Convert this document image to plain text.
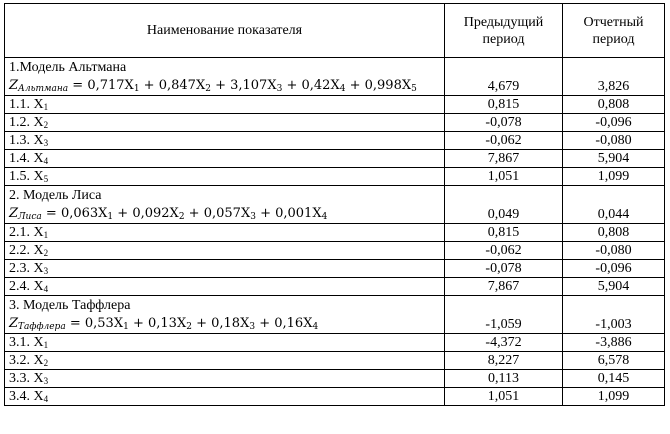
Наименование показателя	Предыдущий период	Отчетный период

1.Модель Альтмана
$Z_{Альтмана} = 0,717X_1 + 0,847X_2 + 3,107X_3 + 0,42X_4 + 0,998X_5$	4,679	3,826
1.1. $X_1$	0,815	0,808
1.2. $X_2$	-0,078	-0,096
1.3. $X_3$	-0,062	-0,080
1.4. $X_4$	7,867	5,904
1.5. $X_5$	1,051	1,099

2. Модель Лиса
$Z_{Лиса} = 0,063X_1 + 0,092X_2 + 0,057X_3 + 0,001X_4$	0,049	0,044
2.1. $X_1$	0,815	0,808
2.2. $X_2$	-0,062	-0,080
2.3. $X_3$	-0,078	-0,096
2.4. $X_4$	7,867	5,904

3. Модель Таффлера
$Z_{Таффлера} = 0,53X_1 + 0,13X_2 + 0,18X_3 + 0,16X_4$	-1,059	-1,003
3.1. $X_1$	-4,372	-3,886
3.2. $X_2$	8,227	6,578
3.3. $X_3$	0,113	0,145
3.4. $X_4$	1,051	1,099
